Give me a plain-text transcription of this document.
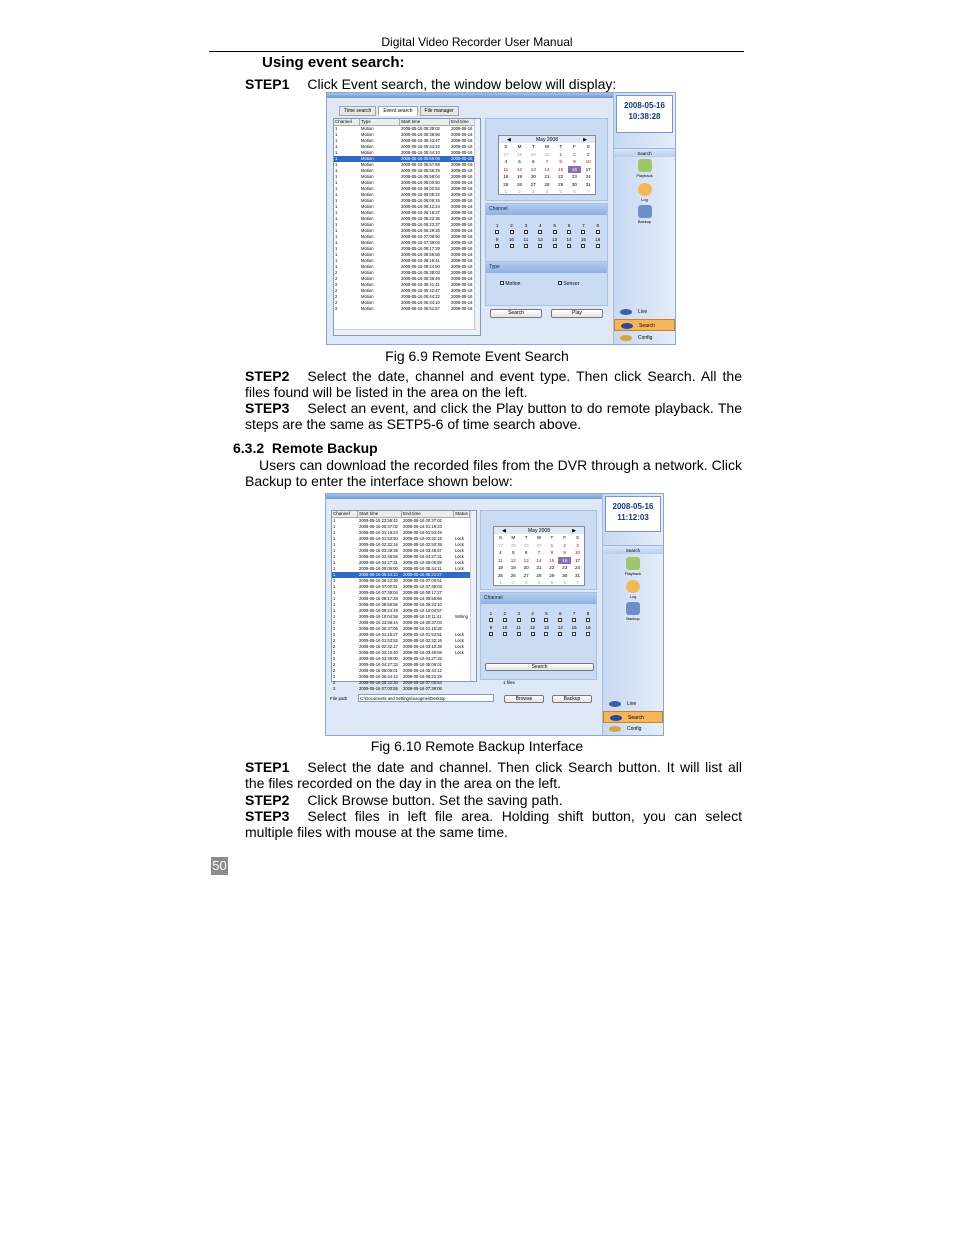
Digital Video Recorder User Manual
Using event search:
STEP1 Click Event search, the window below will display:
Time search	Event search	File manager
Channel	Type	Start time	End time
1	Motion	2008-05-16 05:38:02	2008-05-16
1	Motion	2008-05-16 05:38:56	2008-05-16
1	Motion	2008-05-16 05:43:47	2008-05-16
1	Motion	2008-05-16 05:44:22	2008-05-16
1	Motion	2008-05-16 05:44:10	2008-05-16
1	Motion	2008-05-16 05:55:06	2008-05-16
1	Motion	2008-05-16 05:57:58	2008-05-16
1	Motion	2008-05-16 05:56:29	2008-05-16
1	Motion	2008-05-16 05:58:04	2008-05-16
1	Motion	2008-05-16 06:00:50	2008-05-16
1	Motion	2008-05-16 06:02:52	2008-05-16
1	Motion	2008-05-16 06:08:22	2008-05-16
1	Motion	2008-05-16 06:09:15	2008-05-16
1	Motion	2008-05-16 06:12:24	2008-05-16
1	Motion	2008-05-16 06:16:37	2008-05-16
1	Motion	2008-05-16 06:22:35	2008-05-16
1	Motion	2008-05-16 06:23:37	2008-05-16
1	Motion	2008-05-16 06:29:26	2008-05-16
1	Motion	2008-05-16 07:08:50	2008-05-16
1	Motion	2008-05-16 07:39:04	2008-05-16
1	Motion	2008-05-16 08:17:29	2008-05-16
1	Motion	2008-05-16 08:56:56	2008-05-16
1	Motion	2008-05-16 09:18:41	2008-05-16
1	Motion	2008-05-16 09:24:50	2008-05-16
2	Motion	2008-05-16 05:38:03	2008-05-16
2	Motion	2008-05-16 05:39:49	2008-05-16
2	Motion	2008-05-16 05:41:41	2008-05-16
2	Motion	2008-05-16 05:42:47	2008-05-16
2	Motion	2008-05-16 05:44:22	2008-05-16
2	Motion	2008-05-16 05:44:10	2008-05-16
2	Motion	2008-05-16 05:51:57	2008-05-16
◀	May 2008	▶
S	M	T	W	T	F	S
27	28	29	30	1	2	3
4	5	6	7	8	9	10
11	12	13	14	15	16	17
18	19	20	21	22	23	24
25	26	27	28	29	30	31
1	2	3	4	5	6	7
Channel
1	2	3	4	5	6	7	8
9	10	11	12	13	14	15	16
Type
Motion	Sensor
Search	Play
2008-05-16
10:38:28
Search
Playback
Log
Backup
Live
Search
Config
Fig 6.9 Remote Event Search
STEP2 Select the date, channel and event type. Then click Search. All the files found will be listed in the area on the left.
STEP3 Select an event, and click the Play button to do remote playback. The steps are the same as SETP5-6 of time search above.
6.3.2 Remote Backup
Users can download the recorded files from the DVR through a network. Click Backup to enter the interface shown below:
Channel	Start time	End time	Status
1	2008-05-15 23:58:42	2008-05-16 00:37:02
1	2008-05-16 00:37:02	2008-05-16 01:19:23
1	2008-05-16 01:19:24	2008-05-16 01:53:49
1	2008-05-16 01:53:50	2008-05-16 02:32:16	Lock
1	2008-05-16 02:32:16	2008-05-16 02:50:39	Lock
1	2008-05-16 03:39:39	2008-05-16 03:48:57	Lock
1	2008-05-16 03:48:58	2008-05-16 04:27:31	Lock
1	2008-05-16 04:27:31	2008-05-16 05:05:59	Lock
1	2008-05-16 05:06:00	2008-05-16 05:44:11	Lock
1	2008-05-16 05:44:12	2008-05-16 06:22:27
1	2008-05-16 06:22:30	2008-05-16 07:00:51
1	2008-05-16 07:00:51	2008-05-16 07:39:03
1	2008-05-16 07:39:04	2008-05-16 08:17:27
1	2008-05-16 08:17:28	2008-05-16 08:55:56
1	2008-05-16 08:55:56	2008-05-16 09:23:10
1	2008-05-16 09:24:49	2008-05-16 10:04:57
1	2008-05-16 10:04:58	2008-05-16 10:11:41	Writing
2	2008-05-15 23:58:44	2008-05-16 00:37:04
2	2008-05-16 00:37:05	2008-05-16 01:15:26
2	2008-05-16 01:15:27	2008-05-16 01:53:51	Lock
2	2008-05-16 01:53:52	2008-05-16 02:32:16	Lock
2	2008-05-16 02:32:17	2008-05-16 03:10:39	Lock
2	2008-05-16 03:10:40	2008-05-16 03:48:59	Lock
2	2008-05-16 03:49:00	2008-05-16 04:27:33
2	2008-05-16 04:27:33	2008-05-16 05:06:01
2	2008-05-16 05:06:01	2008-05-16 05:44:12
2	2008-05-16 05:44:13	2008-05-16 06:22:29
2	2008-05-16 06:22:30	2008-05-16 07:00:54
2	2008-05-16 07:00:55	2008-05-16 07:39:06
◀	May 2008	▶
S	M	T	W	T	F	S
27	28	29	30	1	2	3
4	5	6	7	8	9	10
11	12	13	14	15	16	17
18	19	20	21	22	23	24
25	26	27	28	29	30	31
1	2	3	4	5	6	7
Channel
1	2	3	4	5	6	7	8
9	10	11	12	13	14	15	16
Search
1 files
File path	C:\Documents and Settings\xiaogmei\Desktop	Browse	Backup
2008-05-16
11:12:03
Search
Playback
Log
Backup
Live
Search
Config
Fig 6.10 Remote Backup Interface
STEP1 Select the date and channel. Then click Search button. It will list all the files recorded on the day in the area on the left.
STEP2 Click Browse button. Set the saving path.
STEP3 Select files in left file area. Holding shift button, you can select multiple files with mouse at the same time.
50
